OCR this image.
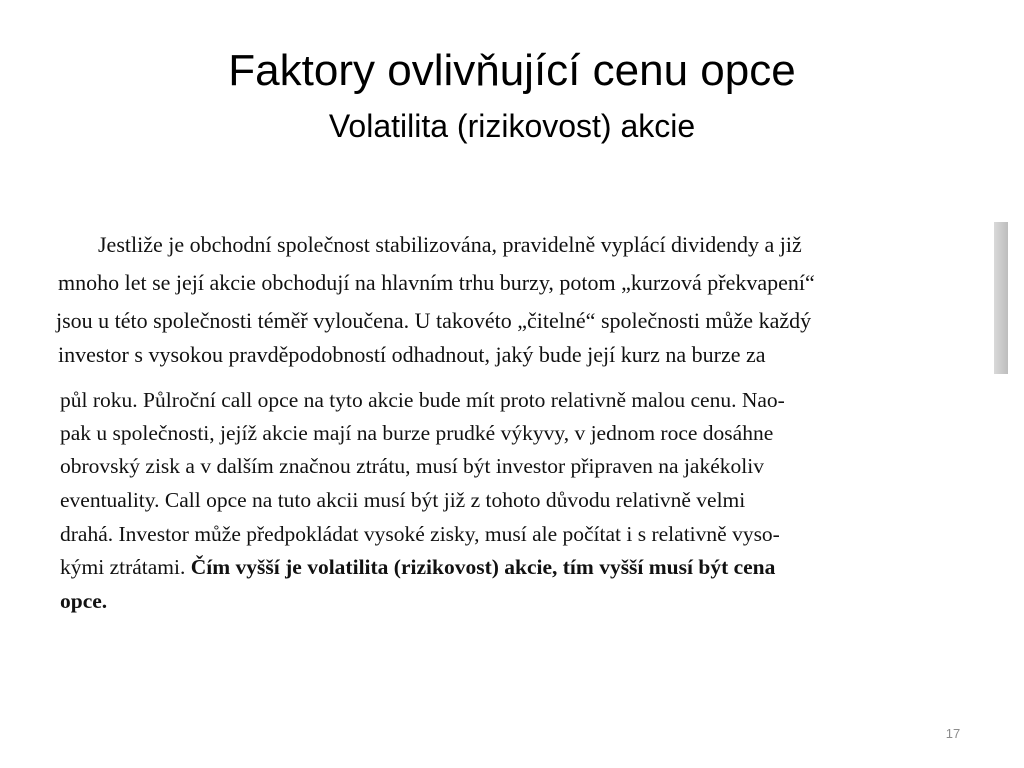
Faktory ovlivňující cenu opce
Volatilita (rizikovost) akcie
Jestliže je obchodní společnost stabilizována, pravidelně vyplácí dividendy a již
mnoho let se její akcie obchodují na hlavním trhu burzy, potom „kurzová překvapení“
jsou u této společnosti téměř vyloučena. U takovéto „čitelné“ společnosti může každý
investor s vysokou pravděpodobností odhadnout, jaký bude její kurz na burze za
půl roku. Půlroční call opce na tyto akcie bude mít proto relativně malou cenu. Nao-
pak u společnosti, jejíž akcie mají na burze prudké výkyvy, v jednom roce dosáhne
obrovský zisk a v dalším značnou ztrátu, musí být investor připraven na jakékoliv
eventuality. Call opce na tuto akcii musí být již z tohoto důvodu relativně velmi
drahá. Investor může předpokládat vysoké zisky, musí ale počítat i s relativně vyso-
kými ztrátami. Čím vyšší je volatilita (rizikovost) akcie, tím vyšší musí být cena
opce.
17
